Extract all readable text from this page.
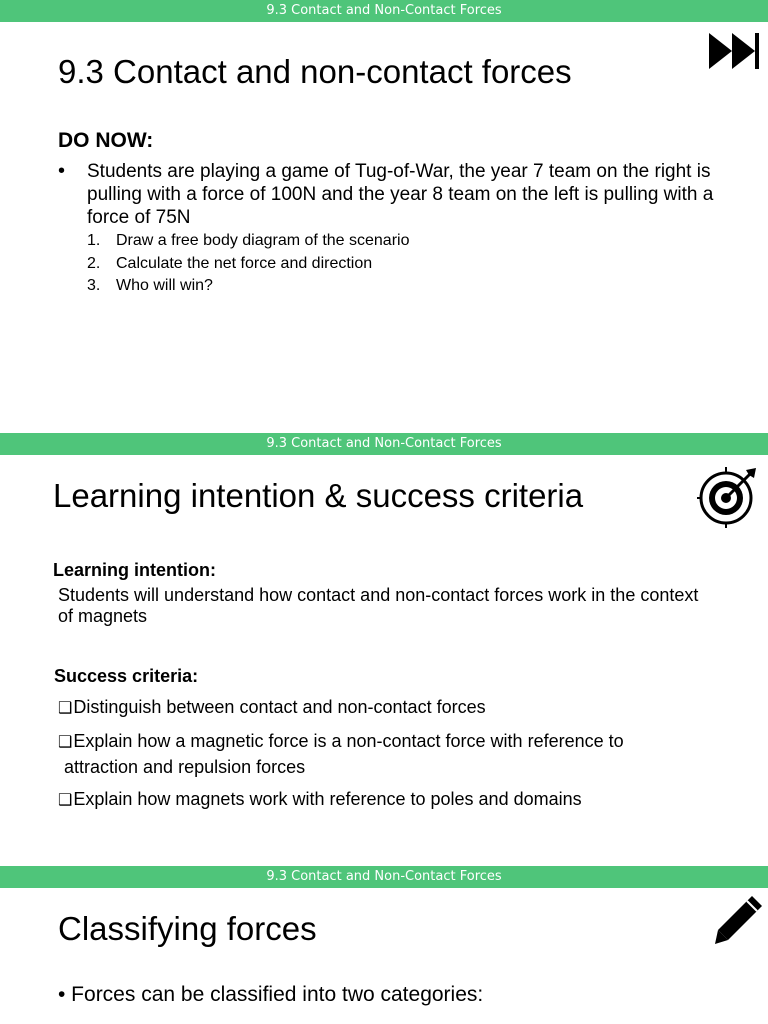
9.3 Contact and Non-Contact Forces
9.3 Contact and non-contact forces
DO NOW:
• Students are playing a game of Tug-of-War, the year 7 team on the right is pulling with a force of 100N and the year 8 team on the left is pulling with a force of 75N
1. Draw a free body diagram of the scenario
2. Calculate the net force and direction
3. Who will win?
9.3 Contact and Non-Contact Forces
Learning intention & success criteria
Learning intention:
Students will understand how contact and non-contact forces work in the context of magnets
Success criteria:
❑Distinguish between contact and non-contact forces
❑Explain how a magnetic force is a non-contact force with reference to
attraction and repulsion forces
❑Explain how magnets work with reference to poles and domains
9.3 Contact and Non-Contact Forces
Classifying forces
• Forces can be classified into two categories:
